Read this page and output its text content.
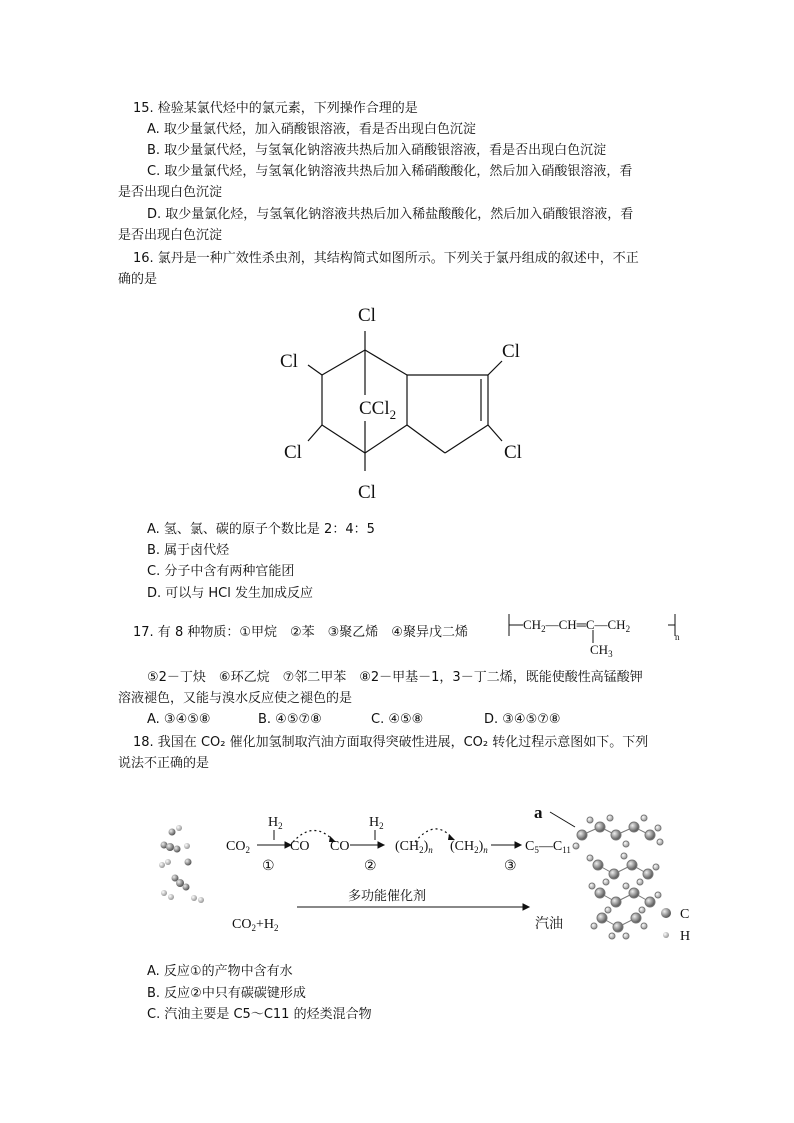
15. 检验某氯代烃中的氯元素，下列操作合理的是
A. 取少量氯代烃，加入硝酸银溶液，看是否出现白色沉淀
B. 取少量氯代烃，与氢氧化钠溶液共热后加入硝酸银溶液，看是否出现白色沉淀
C. 取少量氯代烃，与氢氧化钠溶液共热后加入稀硝酸酸化，然后加入硝酸银溶液，看
是否出现白色沉淀
D. 取少量氯化烃，与氢氧化钠溶液共热后加入稀盐酸酸化，然后加入硝酸银溶液，看
是否出现白色沉淀
16. 氯丹是一种广效性杀虫剂，其结构简式如图所示。下列关于氯丹组成的叙述中，不正
确的是
Cl
Cl
Cl
Cl
CCl$_2$
Cl
Cl
A. 氢、氯、碳的原子个数比是 2：4：5
B. 属于卤代烃
C. 分子中含有两种官能团
D. 可以与 HCl 发生加成反应
17. 有 8 种物质：①甲烷　②苯　③聚乙烯　④聚异戊二烯
$CH_2—CH═C—CH_2$
n
$CH_3$
⑤2－丁炔　⑥环乙烷　⑦邻二甲苯　⑧2－甲基－1，3－丁二烯，既能使酸性高锰酸钾
溶液褪色，又能与溴水反应使之褪色的是
A. ③④⑤⑧	B. ④⑤⑦⑧	C. ④⑤⑧	D. ③④⑤⑦⑧
18. 我国在 CO₂ 催化加氢制取汽油方面取得突破性进展，CO₂ 转化过程示意图如下。下列
说法不正确的是
$H_2$	$H_2$
$CO_2$	CO CO	$(CH_2)_n$ $(CH_2)_n$	$C_5—C_{11}$
①	②	③
$CO_2+H_2$
多功能催化剂
汽油
a
C
H
A. 反应①的产物中含有水
B. 反应②中只有碳碳键形成
C. 汽油主要是 C5～C11 的烃类混合物
